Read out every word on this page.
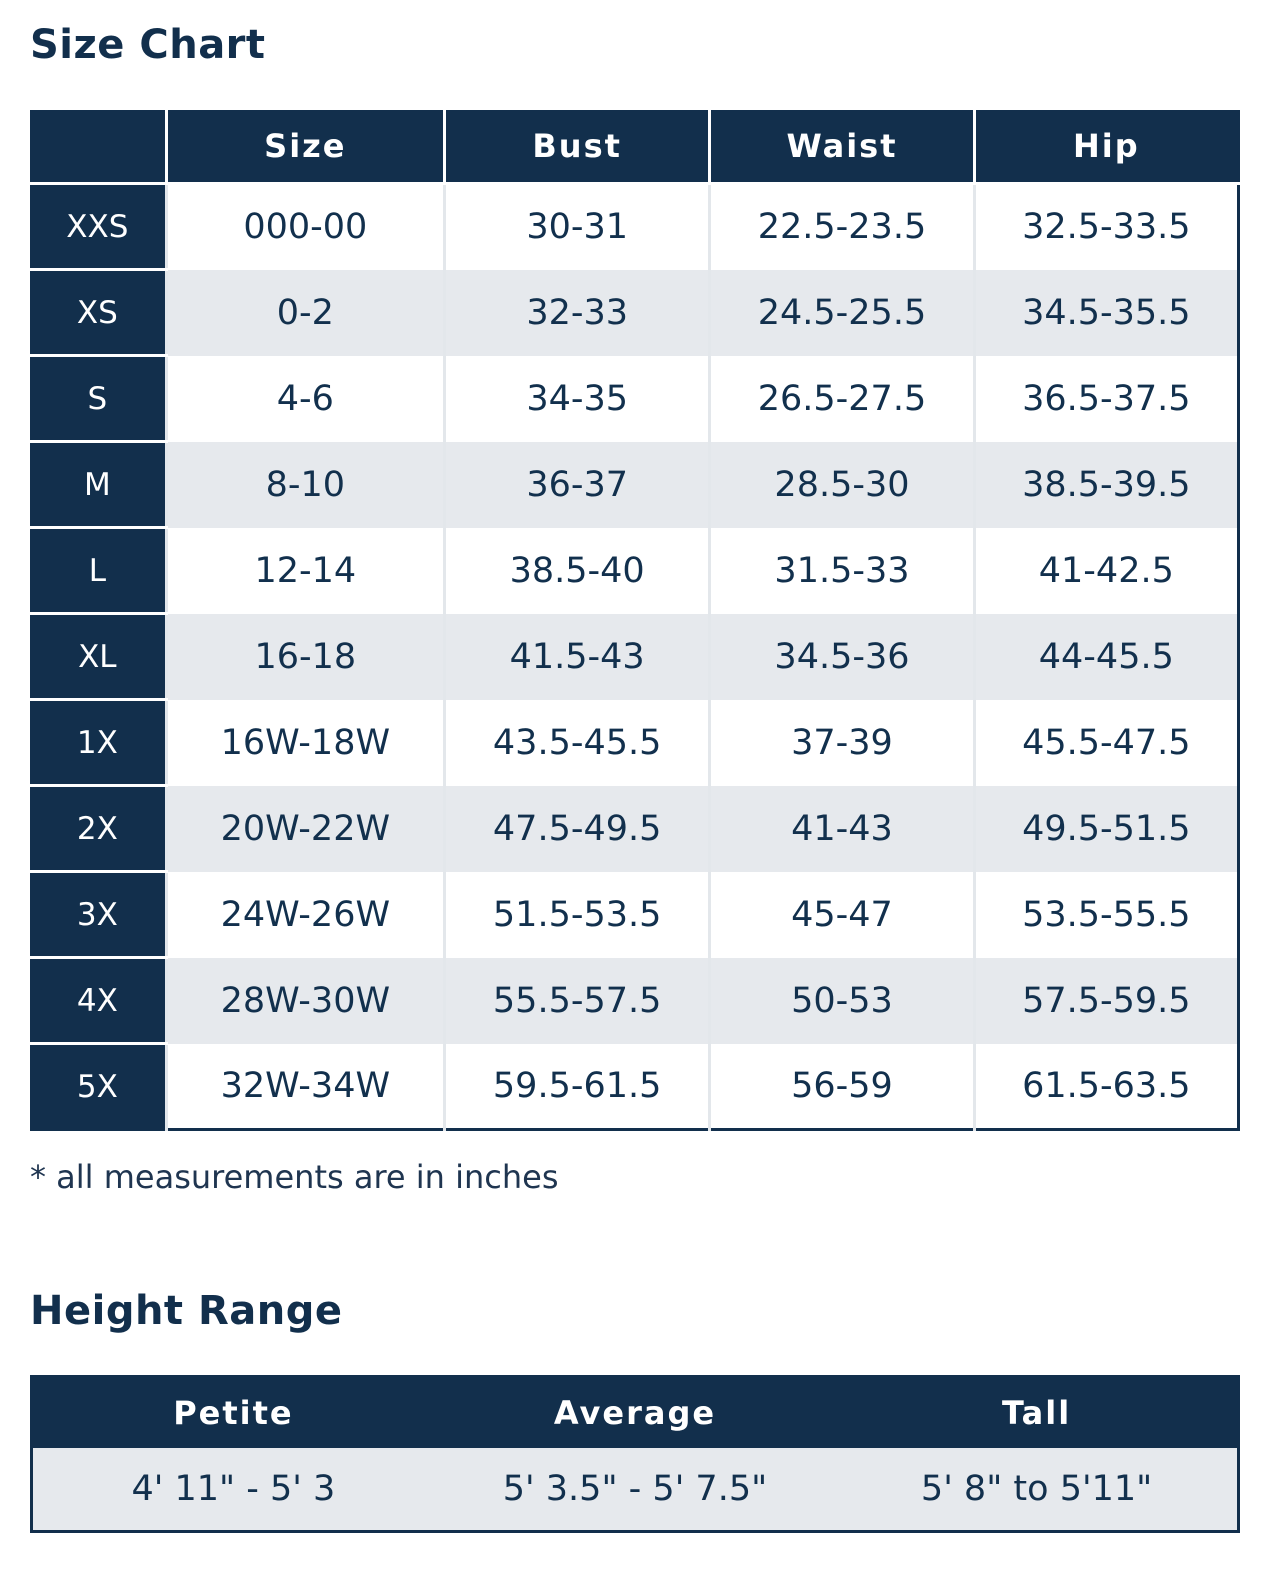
Size Chart
	Size	Bust	Waist	Hip
XXS	000-00	30-31	22.5-23.5	32.5-33.5
XS	0-2	32-33	24.5-25.5	34.5-35.5
S	4-6	34-35	26.5-27.5	36.5-37.5
M	8-10	36-37	28.5-30	38.5-39.5
L	12-14	38.5-40	31.5-33	41-42.5
XL	16-18	41.5-43	34.5-36	44-45.5
1X	16W-18W	43.5-45.5	37-39	45.5-47.5
2X	20W-22W	47.5-49.5	41-43	49.5-51.5
3X	24W-26W	51.5-53.5	45-47	53.5-55.5
4X	28W-30W	55.5-57.5	50-53	57.5-59.5
5X	32W-34W	59.5-61.5	56-59	61.5-63.5

* all measurements are in inches

Height Range
Petite	Average	Tall
4' 11" - 5' 3	5' 3.5" - 5' 7.5"	5' 8" to 5'11"
